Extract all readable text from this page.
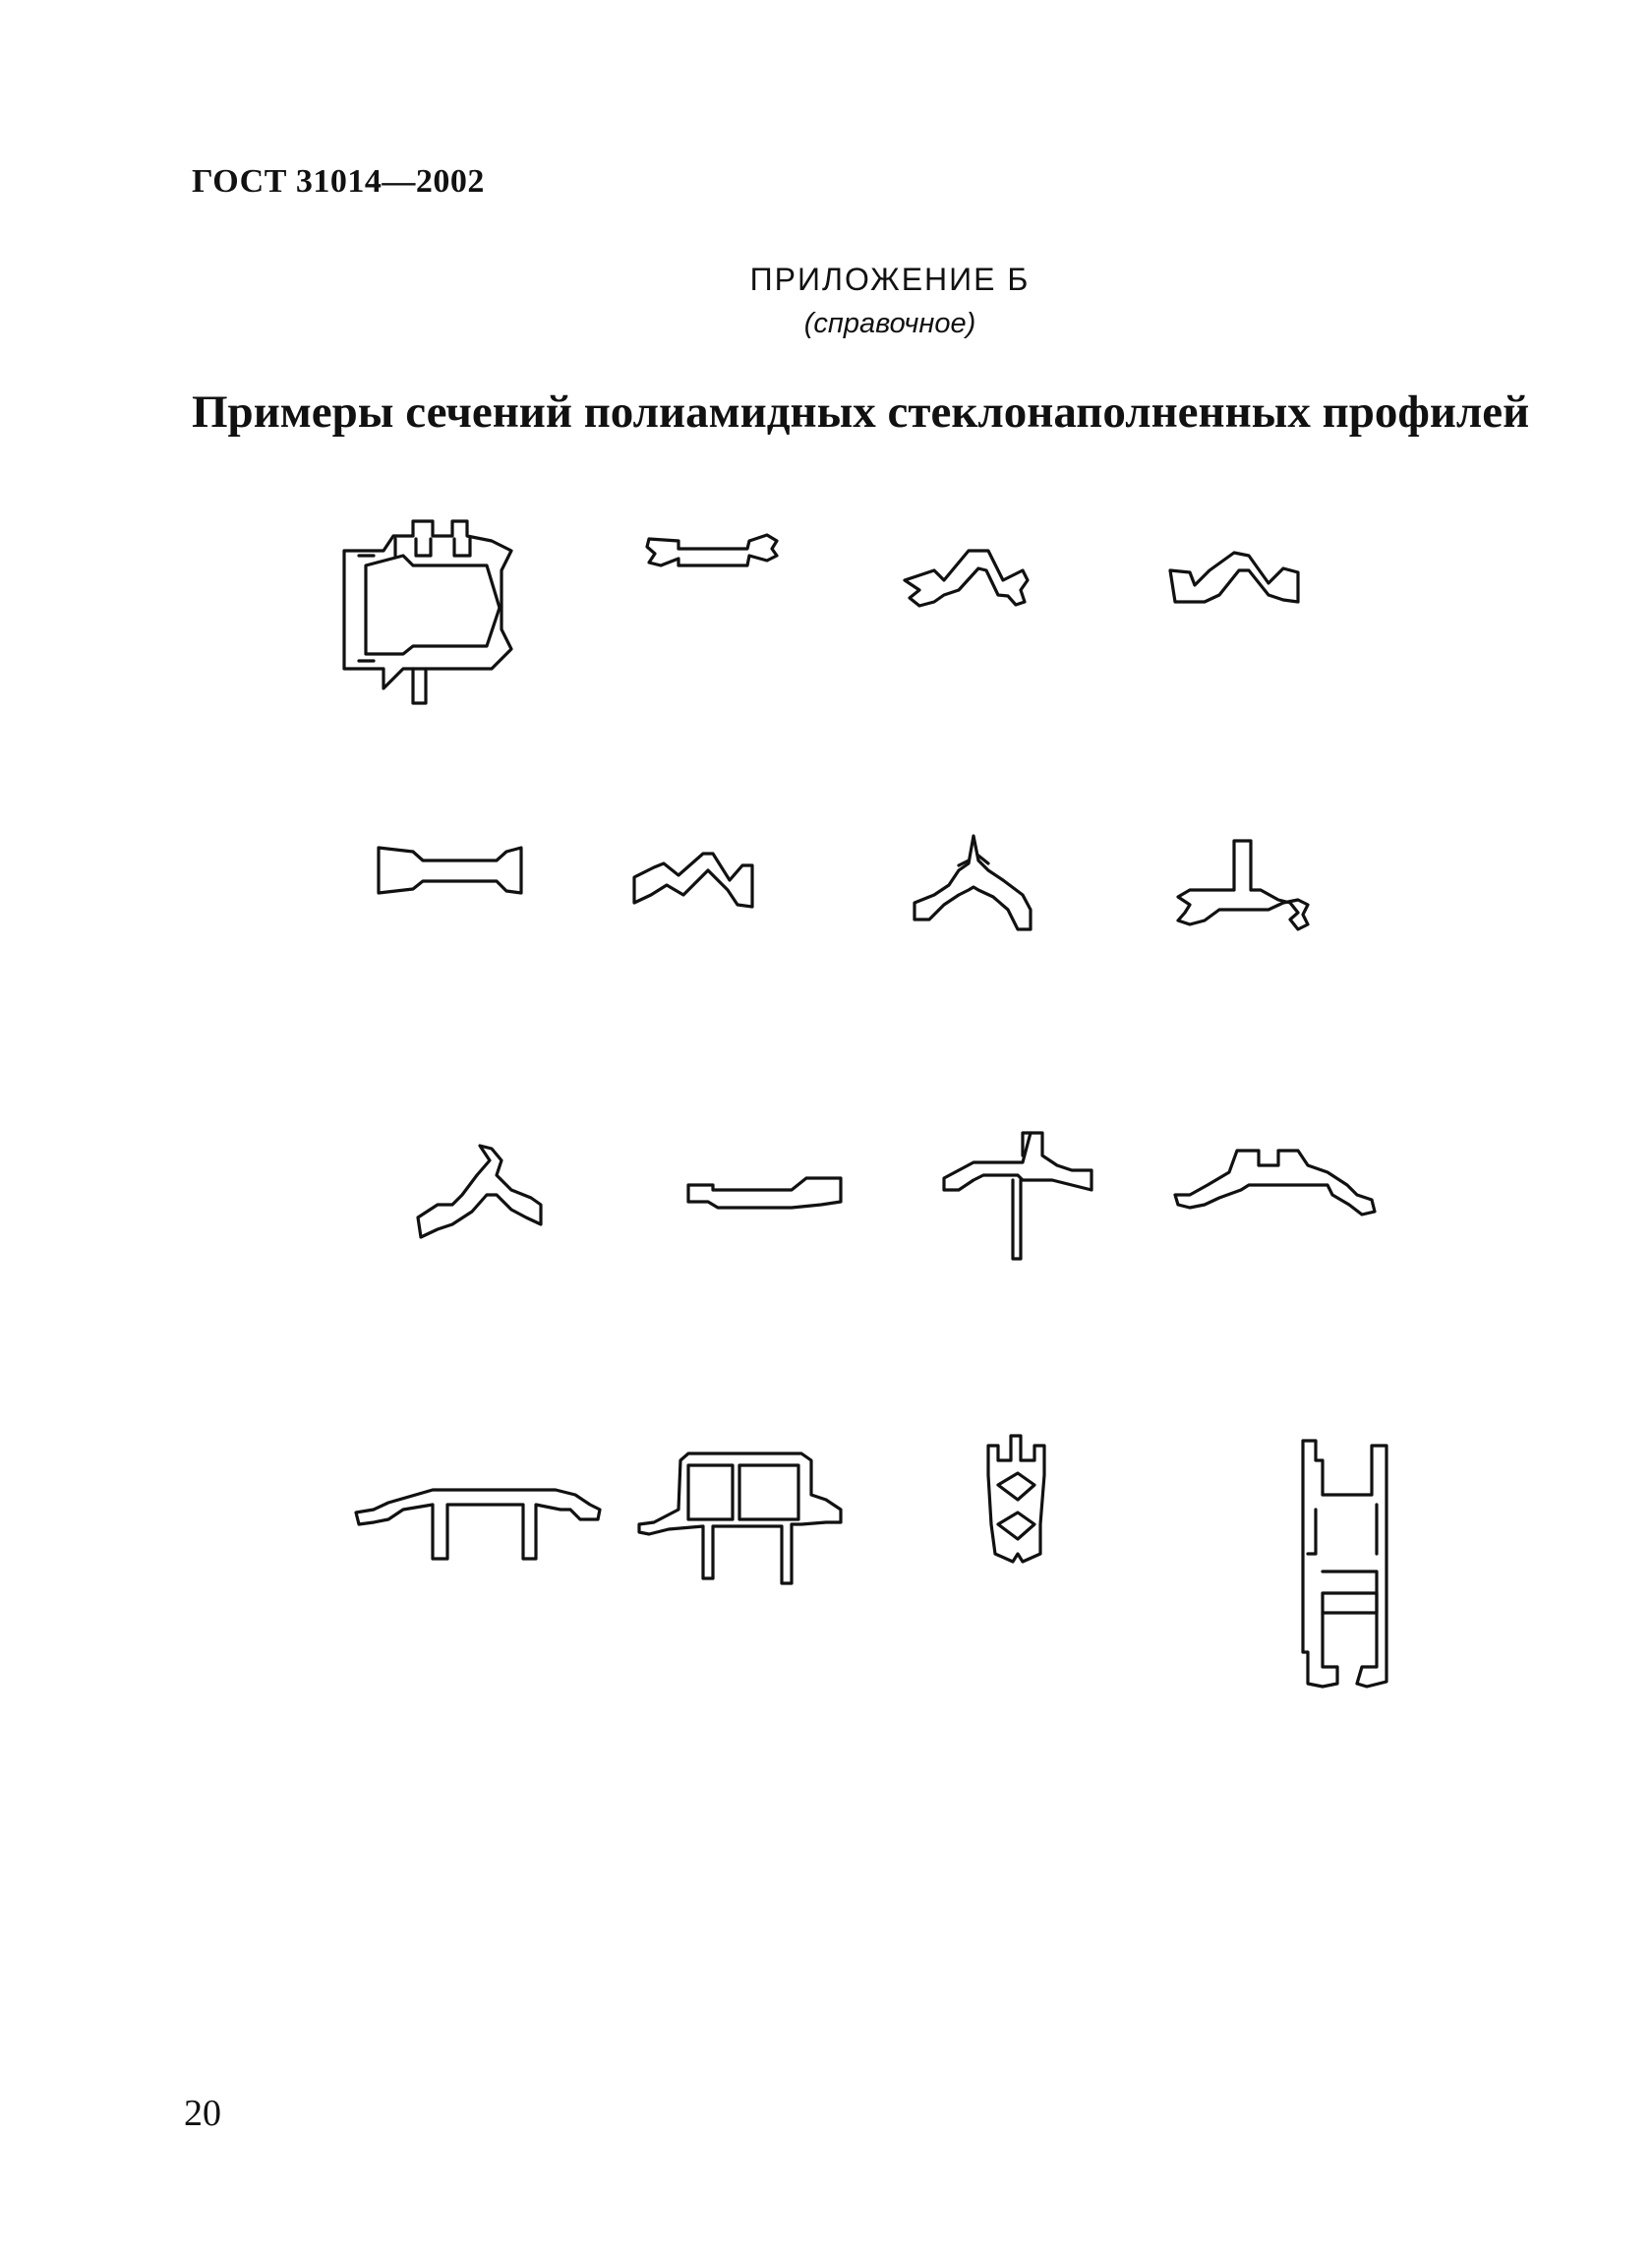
ГОСТ 31014—2002
ПРИЛОЖЕНИЕ Б
(справочное)
Примеры сечений полиамидных стеклонаполненных профилей
20
